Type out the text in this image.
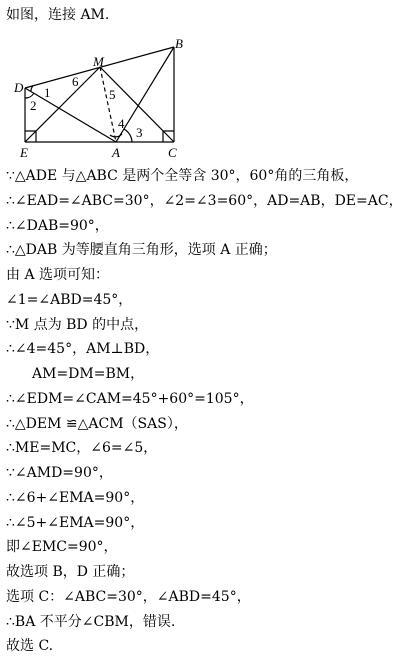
如图，连接 AM.
B
M
D
E	A	C
1
2
3
4
5
6
∵△ADE 与△ABC 是两个全等含 30°，60°角的三角板，
∴∠EAD=∠ABC=30°，∠2=∠3=60°，AD=AB，DE=AC，
∴∠DAB=90°，
∴△DAB 为等腰直角三角形，选项 A 正确；
由 A 选项可知：
∠1=∠ABD=45°，
∵M 点为 BD 的中点，
∴∠4=45°，AM⊥BD，
AM=DM=BM，
∴∠EDM=∠CAM=45°+60°=105°，
∴△DEM ≌△ACM（SAS），
∴ME=MC，∠6=∠5，
∵∠AMD=90°，
∴∠6+∠EMA=90°，
∴∠5+∠EMA=90°，
即∠EMC=90°，
故选项 B，D 正确；
选项 C：∠ABC=30°，∠ABD=45°，
∴BA 不平分∠CBM，错误.
故选 C.
